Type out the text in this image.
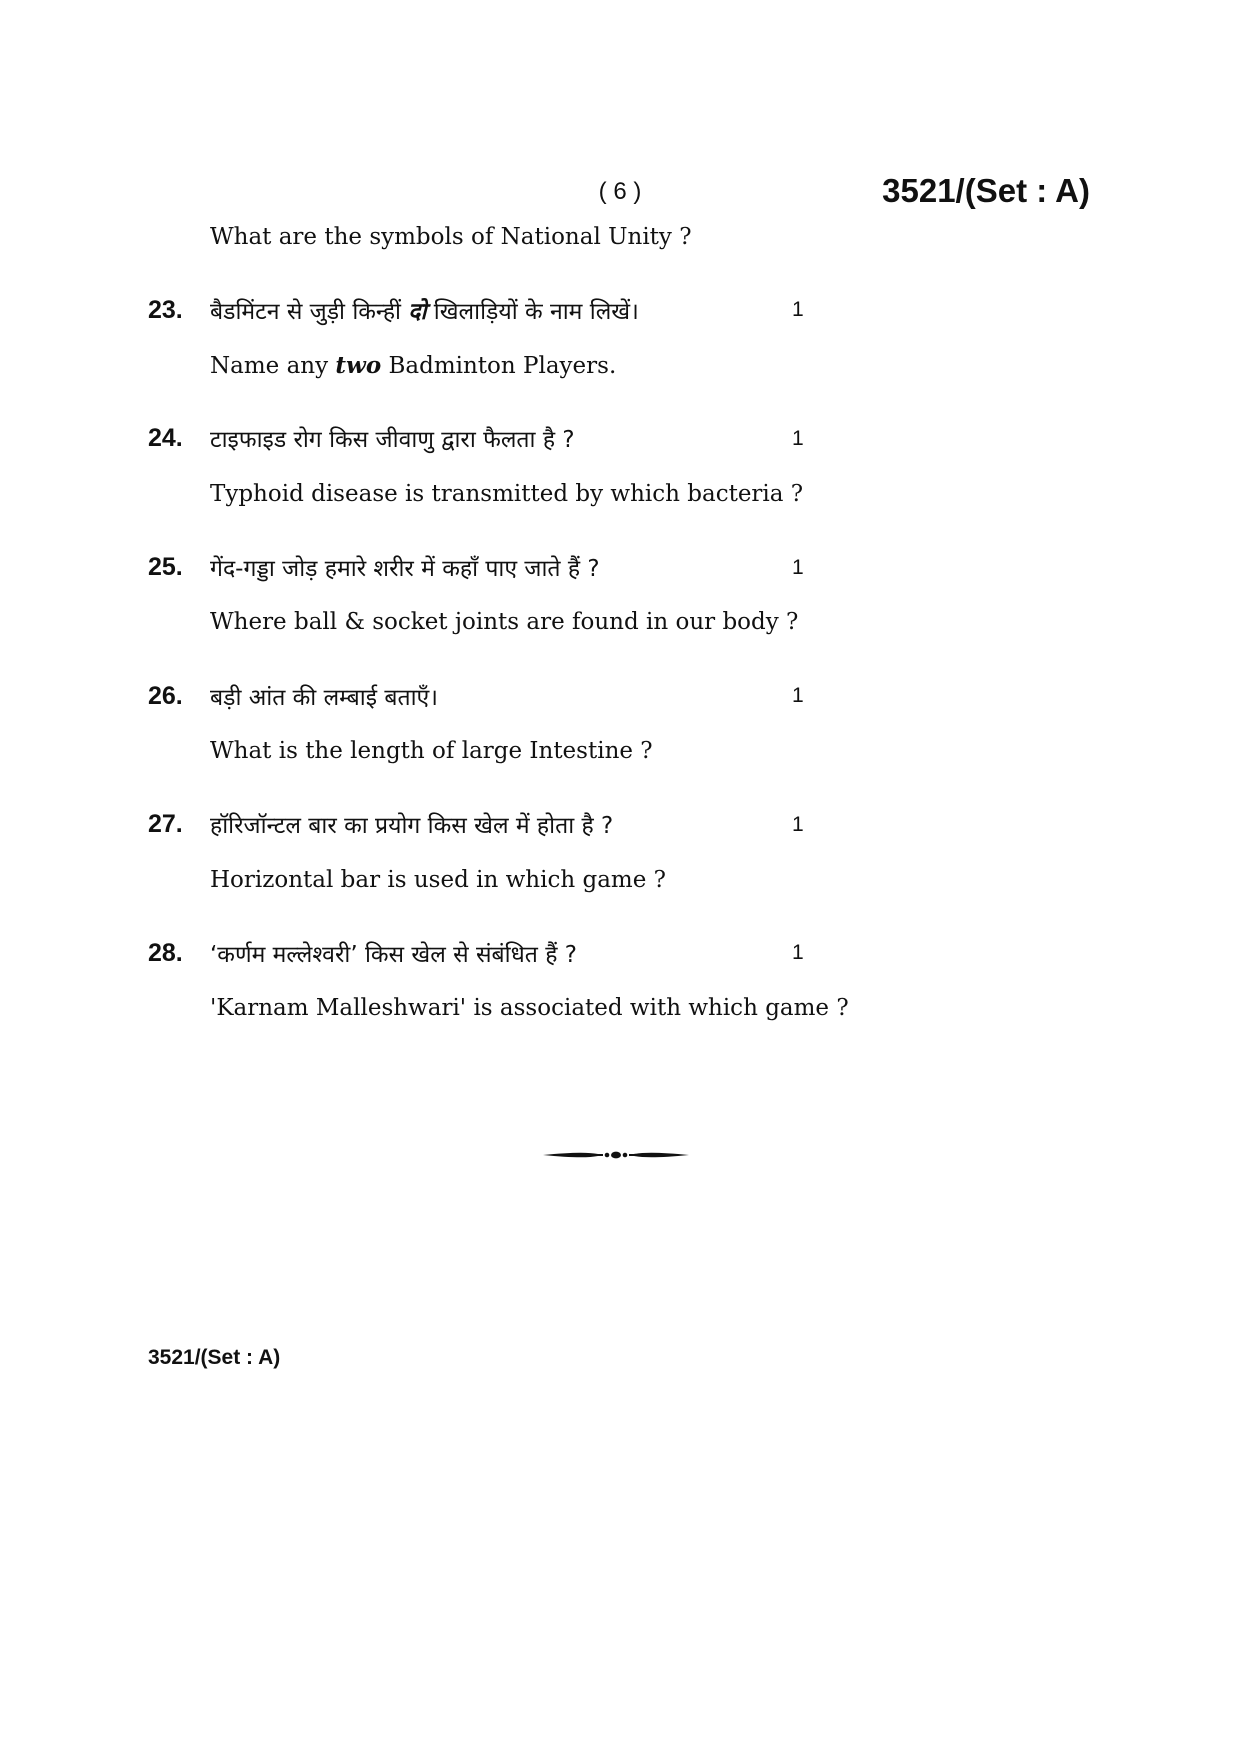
( 6 )	3521/(Set : A)
What are the symbols of National Unity ?
23. बैडमिंटन से जुड़ी किन्हीं दो खिलाड़ियों के नाम लिखें।	1
Name any two Badminton Players.
24. टाइफाइड रोग किस जीवाणु द्वारा फैलता है ?	1
Typhoid disease is transmitted by which bacteria ?
25. गेंद-गड्डा जोड़ हमारे शरीर में कहाँ पाए जाते हैं ?	1
Where ball & socket joints are found in our body ?
26. बड़ी आंत की लम्बाई बताएँ।	1
What is the length of large Intestine ?
27. हॉरिजॉन्टल बार का प्रयोग किस खेल में होता है ?	1
Horizontal bar is used in which game ?
28. ‘कर्णम मल्लेश्वरी’ किस खेल से संबंधित हैं ?	1
'Karnam Malleshwari' is associated with which game ?
3521/(Set : A)
